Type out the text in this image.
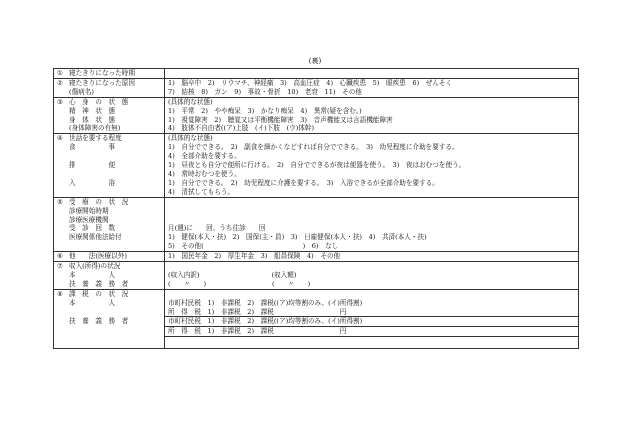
(裏)
① 寝たきりになった時期	

② 寝たきりになった原因	1)　脳卒中　2)　リウマチ、神経痛　3)　高血圧症　4)　心臓疾患　5)　眼疾患　6)　ぜんそく

(傷病名)	7)　結核　8)　ガン　9)　事故・骨折　10)　老衰　11)　その他

③ 心　身　の　状　態	(具体的な状態)

精　神　状　態	1)　平常　2)　やや痴呆　3)　かなり痴呆　4)　異常(疑を含む。)

身　体　状　態	1)　視覚障害　2)　聴覚又は平衡機能障害　3)　音声機能又は言語機能障害

(身体障害の有無)	4)　肢体不自由者((ア)上肢　(イ)下肢　(ウ)体幹)

④ 世話を要する程度	(具体的な状態)

食　　　　　事	1)　自分でできる。　2)　副食を細かくなどすれば自分でできる。　3)　幼児程度に介助を要する。
	4)　全部介助を要する。

排　　　　　便	1)　昼夜とも自分で便所に行ける。　2)　自分でできるが夜は便器を使う。　3)　夜はおむつを使う。
	4)　常時おむつを使う。

入　　　　　浴	1)　自分でできる。　2)　幼児程度に介護を要する。　3)　入浴できるが全部介助を要する。
	4)　清拭してもらう。

⑤ 受　療　の　状　況	

診療開始時期	

診療医療機関	

受　診　回　数	月(週)に　　回、うち往診　　回

医療関係他法給付	1)　健保(本人・扶)　2)　国保(主・員)　3)　日雇健保(本人・扶)　4)　共済(本人・扶)
	5)　その他(　　　　　　　　　　　　　　　)　6)　なし

⑥ 他　　法(医療以外)	1)　国民年金　2)　厚生年金　3)　船員保険　4)　その他

⑦ 収入(所得)の状況	

本　　　　　人	(収入内訳) (収入額)

扶　養　義　務　者	(　　〃　　)　　　　　　　　　　(　　〃　　)

⑧ 課　税　の　状　況	

本　　　　　人	市町村民税　1)　非課税　2)　課税((ア)均等割のみ、(イ)所得割)
	所　得　税　1)　非課税　2)　課税　　　　　　　　　　円

扶　養　義　務　者	市町村民税　1)　非課税　2)　課税((ア)均等割のみ、(イ)所得割)
	所　得　税　1)　非課税　2)　課税　　　　　　　　　　円
